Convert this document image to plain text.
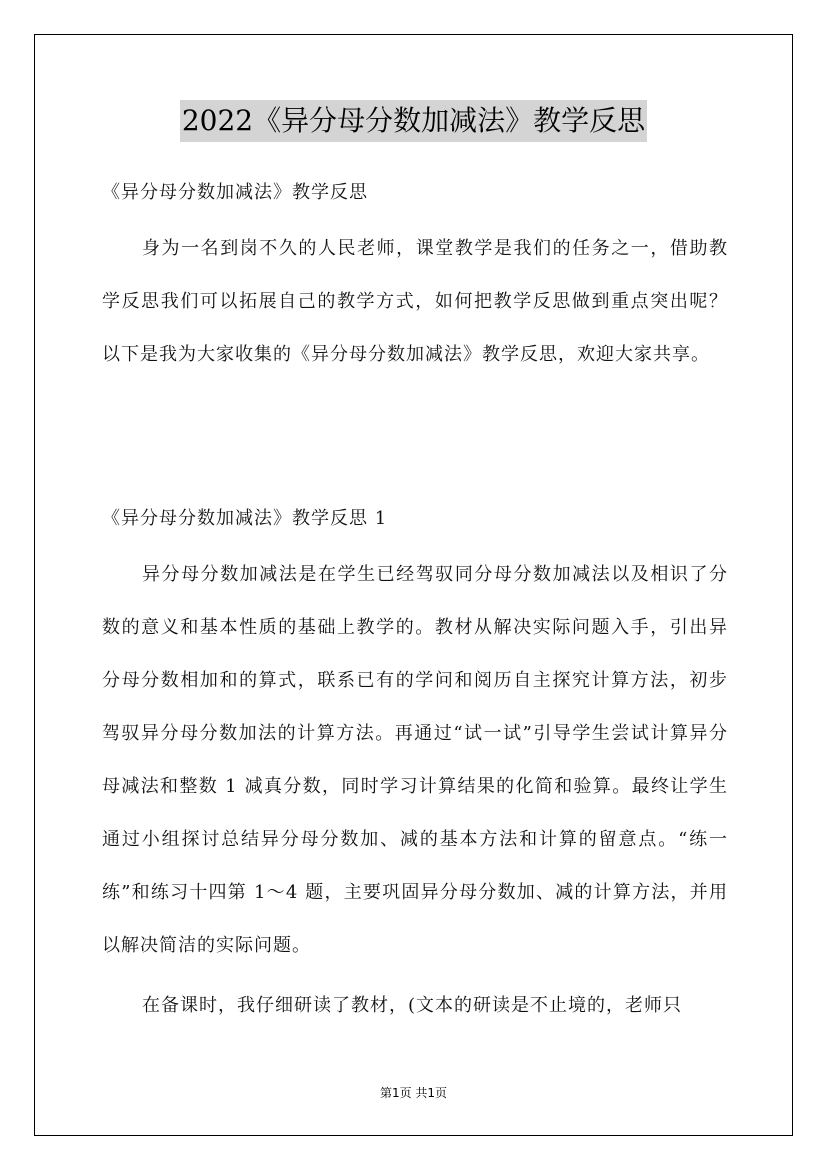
2022《异分母分数加减法》教学反思
《异分母分数加减法》教学反思
身为一名到岗不久的人民老师，课堂教学是我们的任务之一，借助教学反思我们可以拓展自己的教学方式，如何把教学反思做到重点突出呢？以下是我为大家收集的《异分母分数加减法》教学反思，欢迎大家共享。
《异分母分数加减法》教学反思 1
异分母分数加减法是在学生已经驾驭同分母分数加减法以及相识了分数的意义和基本性质的基础上教学的。教材从解决实际问题入手，引出异分母分数相加和的算式，联系已有的学问和阅历自主探究计算方法，初步驾驭异分母分数加法的计算方法。再通过“试一试”引导学生尝试计算异分母减法和整数 1 减真分数，同时学习计算结果的化简和验算。最终让学生通过小组探讨总结异分母分数加、减的基本方法和计算的留意点。“练一练”和练习十四第 1～4 题，主要巩固异分母分数加、减的计算方法，并用以解决简洁的实际问题。
在备课时，我仔细研读了教材，(文本的研读是不止境的，老师只
第1页 共1页
